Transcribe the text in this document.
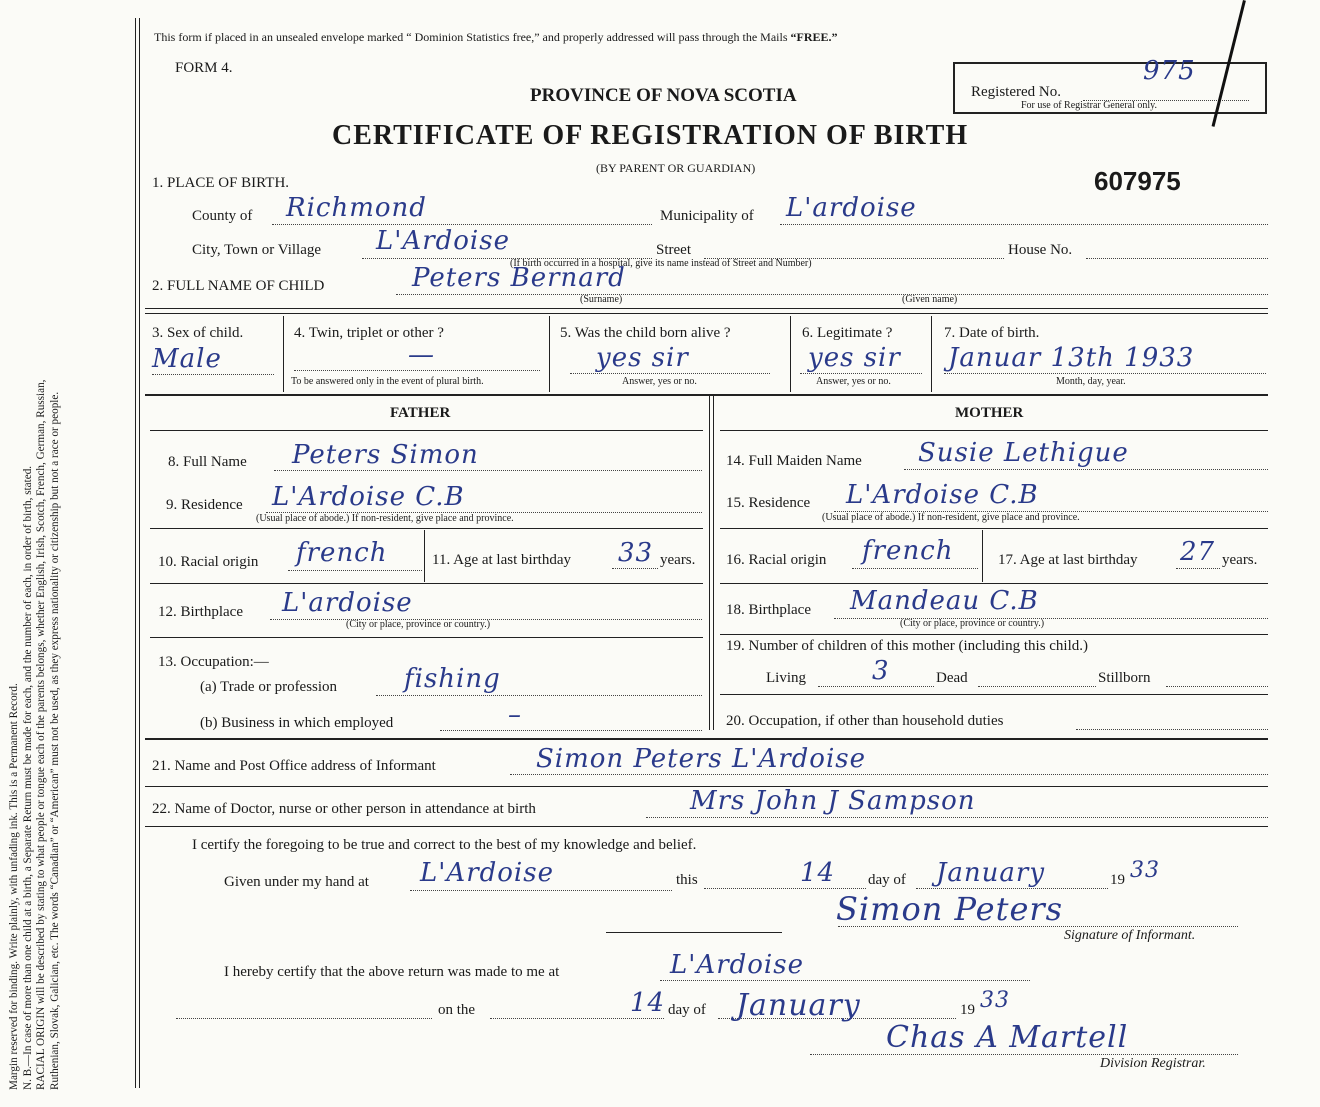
Margin reserved for binding. Write plainly, with unfading ink. This is a Permanent Record. N. B.—In case of more than one child at a birth, a Separate Return must be made for each, and the number of each, in order of birth, stated. RACIAL ORIGIN will be described by stating to what people or tongue each of the parents belongs, whether English, Irish, Scotch, French, German, Russian, Ruthenian, Slovak, Galician, etc. The words “Canadian” or “American” must not be used, as they express nationality or citizenship but not a race or people.
This form if placed in an unsealed envelope marked “ Dominion Statistics free,” and properly addressed will pass through the Mails “FREE.”
FORM 4.
PROVINCE OF NOVA SCOTIA
CERTIFICATE OF REGISTRATION OF BIRTH
(BY PARENT OR GUARDIAN)
Registered No.
975
For use of Registrar General only.
607975
1. PLACE OF BIRTH.
County of Richmond	Municipality of L'ardoise
City, Town or Village L'Ardoise	Street	House No.
(If birth occurred in a hospital, give its name instead of Street and Number)
2. FULL NAME OF CHILD	Peters Bernard
(Surname)	(Given name)
3. Sex of child.
Male
4. Twin, triplet or other ?
—
To be answered only in the event of plural birth.
5. Was the child born alive ?
yes sir
Answer, yes or no.
6. Legitimate ?
yes sir
Answer, yes or no.
7. Date of birth.
Januar 13th 1933
Month, day, year.
FATHER	MOTHER
8. Full Name Peters Simon
9. Residence L'Ardoise C.B
(Usual place of abode.) If non-resident, give place and province.
10. Racial origin french	11. Age at last birthday 33 years.
12. Birthplace L'ardoise
(City or place, province or country.)
13. Occupation:—
(a) Trade or profession	fishing
(b) Business in which employed	–
14. Full Maiden Name Susie Lethigue
15. Residence L'Ardoise C.B
(Usual place of abode.) If non-resident, give place and province.
16. Racial origin french	17. Age at last birthday 27 years.
18. Birthplace Mandeau C.B
(City or place, province or country.)
19. Number of children of this mother (including this child.)
Living	3	Dead	Stillborn
20. Occupation, if other than household duties
21. Name and Post Office address of Informant	Simon Peters L'Ardoise
22. Name of Doctor, nurse or other person in attendance at birth	Mrs John J Sampson
I certify the foregoing to be true and correct to the best of my knowledge and belief.
Given under my hand at L'Ardoise	this	14 day of January	19 33
Simon Peters
Signature of Informant.
I hereby certify that the above return was made to me at	L'Ardoise
on the	14 day of January	19 33
Chas A Martell
Division Registrar.
